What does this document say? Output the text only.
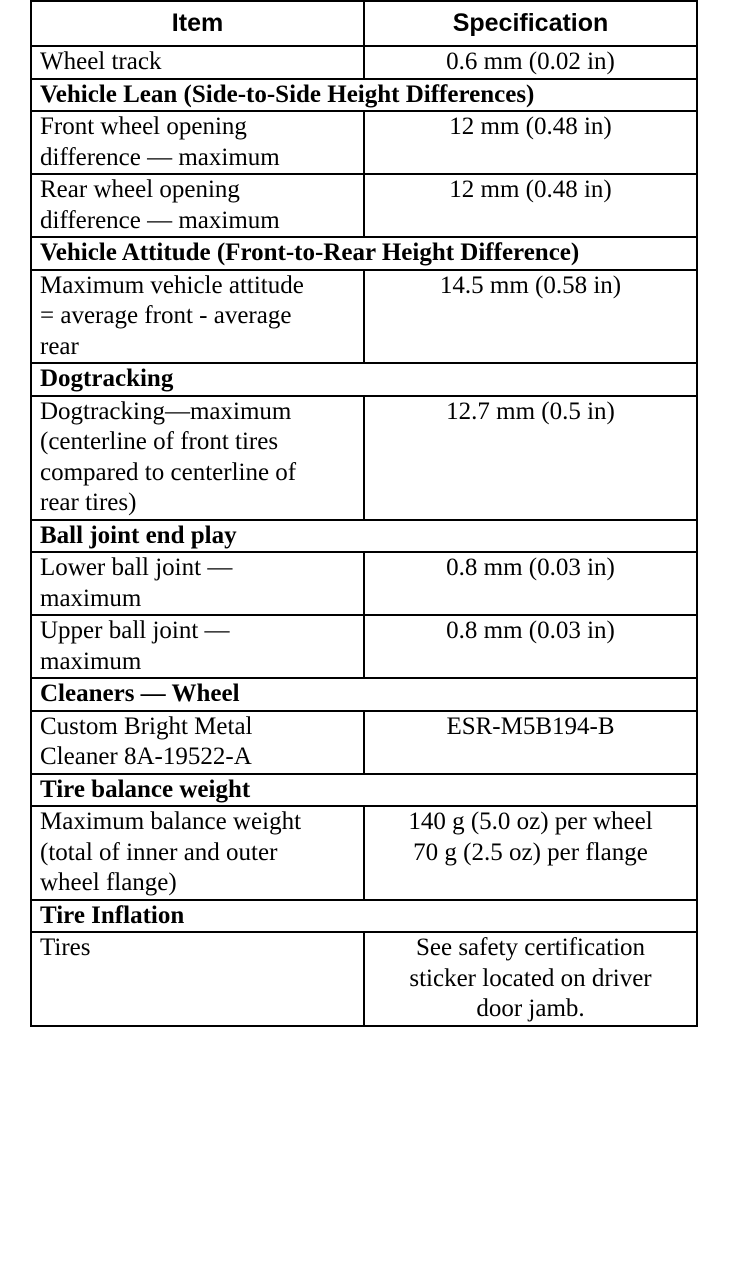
Item	Specification

Wheel track	0.6 mm (0.02 in)

Vehicle Lean (Side-to-Side Height Differences)	

Front wheel opening
difference — maximum	12 mm (0.48 in)

Rear wheel opening
difference — maximum	12 mm (0.48 in)

Vehicle Attitude (Front-to-Rear Height Difference)	

Maximum vehicle attitude
= average front - average
rear	14.5 mm (0.58 in)

Dogtracking	

Dogtracking—maximum
(centerline of front tires
compared to centerline of
rear tires)	12.7 mm (0.5 in)

Ball joint end play	

Lower ball joint —
maximum	0.8 mm (0.03 in)

Upper ball joint —
maximum	0.8 mm (0.03 in)

Cleaners — Wheel	

Custom Bright Metal
Cleaner 8A-19522-A	ESR-M5B194-B

Tire balance weight	

Maximum balance weight
(total of inner and outer
wheel flange)	140 g (5.0 oz) per wheel
70 g (2.5 oz) per flange

Tire Inflation	

Tires	See safety certification
sticker located on driver
door jamb.
